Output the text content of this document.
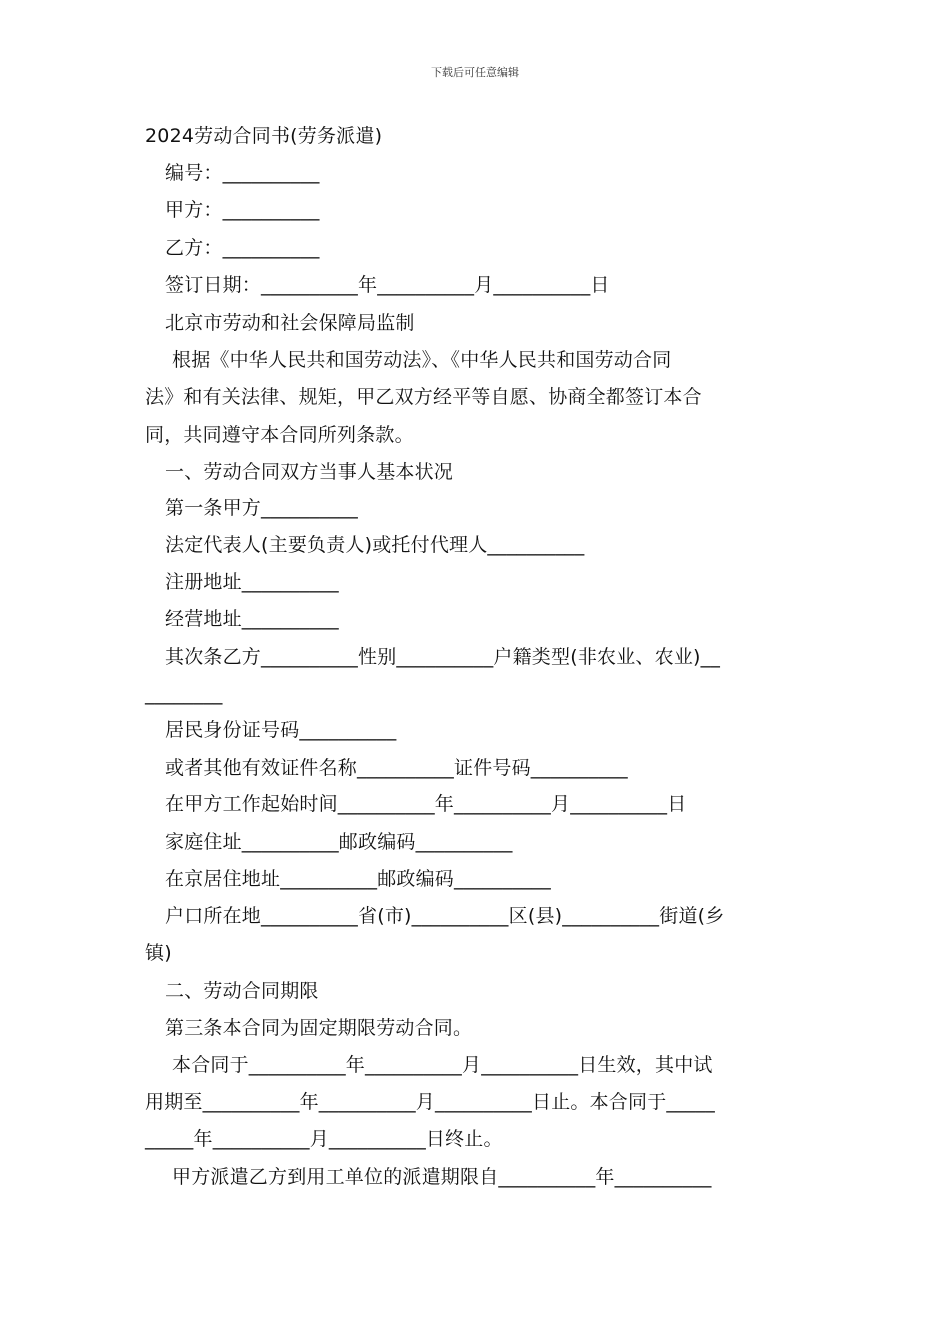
下载后可任意编辑
2024劳动合同书(劳务派遣)
编号：__________
甲方：__________
乙方：__________
签订日期：__________年__________月__________日
北京市劳动和社会保障局监制
根据《中华人民共和国劳动法》、《中华人民共和国劳动合同
法》和有关法律、规矩，甲乙双方经平等自愿、协商全都签订本合
同，共同遵守本合同所列条款。
一、劳动合同双方当事人基本状况
第一条甲方__________
法定代表人(主要负责人)或托付代理人__________
注册地址__________
经营地址__________
其次条乙方__________性别__________户籍类型(非农业、农业)__
________
居民身份证号码__________
或者其他有效证件名称__________证件号码__________
在甲方工作起始时间__________年__________月__________日
家庭住址__________邮政编码__________
在京居住地址__________邮政编码__________
户口所在地__________省(市)__________区(县)__________街道(乡
镇)
二、劳动合同期限
第三条本合同为固定期限劳动合同。
本合同于__________年__________月__________日生效，其中试
用期至__________年__________月__________日止。本合同于_____
_____年__________月__________日终止。
甲方派遣乙方到用工单位的派遣期限自__________年__________
